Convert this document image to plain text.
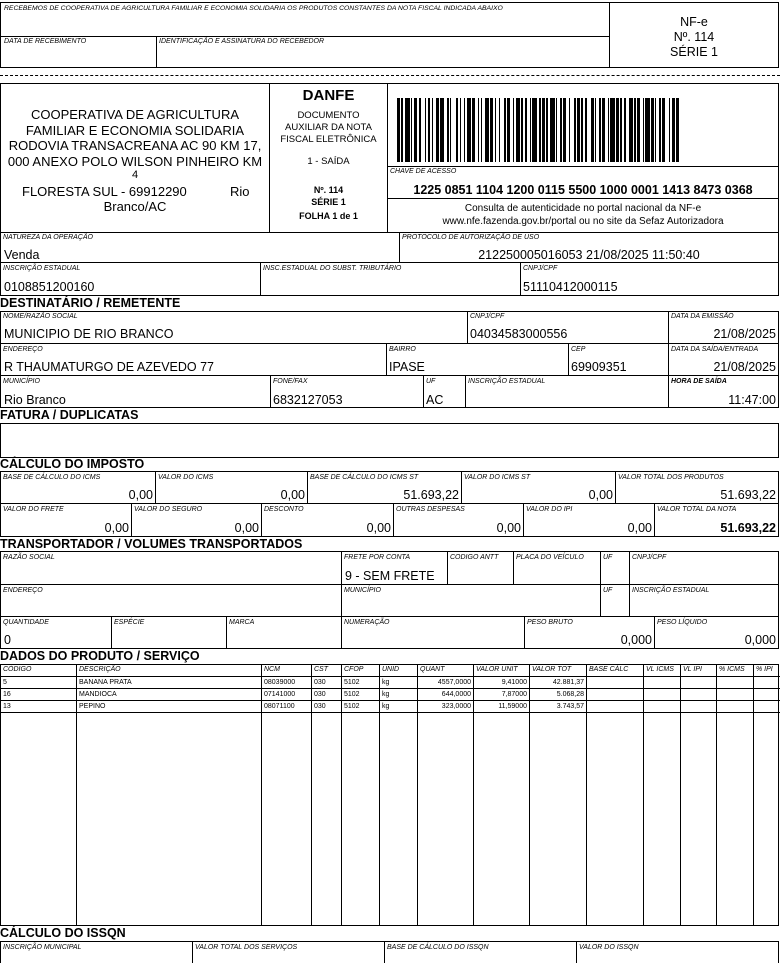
RECEBEMOS DE COOPERATIVA DE AGRICULTURA FAMILIAR E ECONOMIA SOLIDARIA OS PRODUTOS CONSTANTES DA NOTA FISCAL INDICADA ABAIXO
DATA DE RECEBIMENTO	IDENTIFICAÇÃO E ASSINATURA DO RECEBEDOR
NF-e
Nº. 114
SÉRIE 1
COOPERATIVA DE AGRICULTURA
FAMILIAR E ECONOMIA SOLIDARIA
RODOVIA TRANSACREANA AC 90 KM 17,
000 ANEXO POLO WILSON PINHEIRO KM
4
FLORESTA SUL - 69912290	Rio
Branco/AC
DANFE
DOCUMENTO
AUXILIAR DA NOTA
FISCAL ELETRÔNICA
1 - SAÍDA
Nº. 114
SÉRIE 1
FOLHA 1 de 1
CHAVE DE ACESSO
1225 0851 1104 1200 0115 5500 1000 0001 1413 8473 0368
Consulta de autenticidade no portal nacional da NF-e
www.nfe.fazenda.gov.br/portal ou no site da Sefaz Autorizadora
NATUREZA DA OPERAÇÃO
Venda
PROTOCOLO DE AUTORIZAÇÃO DE USO
212250005016053 21/08/2025 11:50:40
INSCRIÇÃO ESTADUAL
0108851200160
INSC.ESTADUAL DO SUBST. TRIBUTÁRIO	CNPJ/CPF
51110412000115
DESTINATÁRIO / REMETENTE
NOME/RAZÃO SOCIAL
MUNICIPIO DE RIO BRANCO
CNPJ/CPF
04034583000556
DATA DA EMISSÃO
21/08/2025
ENDEREÇO
R THAUMATURGO DE AZEVEDO 77
BAIRRO
IPASE
CEP
69909351
DATA DA SAÍDA/ENTRADA
21/08/2025
MUNICÍPIO
Rio Branco
FONE/FAX
6832127053
UF
AC
INSCRIÇÃO ESTADUAL	HORA DE SAÍDA
11:47:00
FATURA / DUPLICATAS
CÁLCULO DO IMPOSTO
BASE DE CÁLCULO DO ICMS
0,00
VALOR DO ICMS
0,00
BASE DE CÁLCULO DO ICMS ST
51.693,22
VALOR DO ICMS ST
0,00
VALOR TOTAL DOS PRODUTOS
51.693,22
VALOR DO FRETE
0,00
VALOR DO SEGURO
0,00
DESCONTO
0,00
OUTRAS DESPESAS
0,00
VALOR DO IPI
0,00
VALOR TOTAL DA NOTA
51.693,22
TRANSPORTADOR / VOLUMES TRANSPORTADOS
RAZÃO SOCIAL	FRETE POR CONTA
9 - SEM FRETE
CODIGO ANTT	PLACA DO VEÍCULO	UF	CNPJ/CPF
ENDEREÇO	MUNICÍPIO	UF	INSCRIÇÃO ESTADUAL
QUANTIDADE
0
ESPÉCIE	MARCA	NUMERAÇÃO	PESO BRUTO
0,000
PESO LÍQUIDO
0,000
DADOS DO PRODUTO / SERVIÇO
CÓDIGO	DESCRIÇÃO	NCM	CST	CFOP	UNID	QUANT	VALOR UNIT	VALOR TOT	BASE CÁLC	VL ICMS	VL IPI	% ICMS	% IPI
5	BANANA PRATA	08039000	030	5102	kg	4557,0000	9,41000	42.881,37					
16	MANDIOCA	07141000	030	5102	kg	644,0000	7,87000	5.068,28					
13	PEPINO	08071100	030	5102	kg	323,0000	11,59000	3.743,57					
CÁLCULO DO ISSQN
INSCRIÇÃO MUNICIPAL	VALOR TOTAL DOS SERVIÇOS	BASE DE CÁLCULO DO ISSQN	VALOR DO ISSQN
